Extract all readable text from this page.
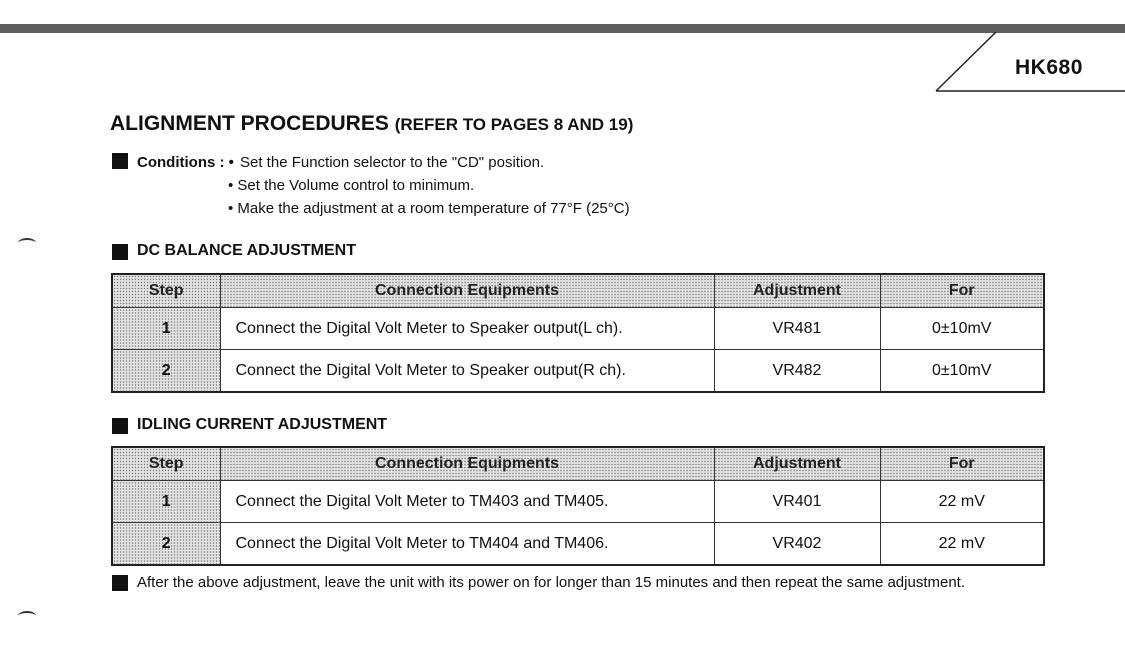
HK680
ALIGNMENT PROCEDURES (REFER TO PAGES 8 AND 19)
Conditions : • Set the Function selector to the "CD" position.
• Set the Volume control to minimum.
• Make the adjustment at a room temperature of 77°F (25°C)
DC BALANCE ADJUSTMENT
Step	Connection Equipments	Adjustment	For
1	Connect the Digital Volt Meter to Speaker output(L ch).	VR481	0±10mV
2	Connect the Digital Volt Meter to Speaker output(R ch).	VR482	0±10mV
IDLING CURRENT ADJUSTMENT
Step	Connection Equipments	Adjustment	For
1	Connect the Digital Volt Meter to TM403 and TM405.	VR401	22 mV
2	Connect the Digital Volt Meter to TM404 and TM406.	VR402	22 mV
After the above adjustment, leave the unit with its power on for longer than 15 minutes and then repeat the same adjustment.
